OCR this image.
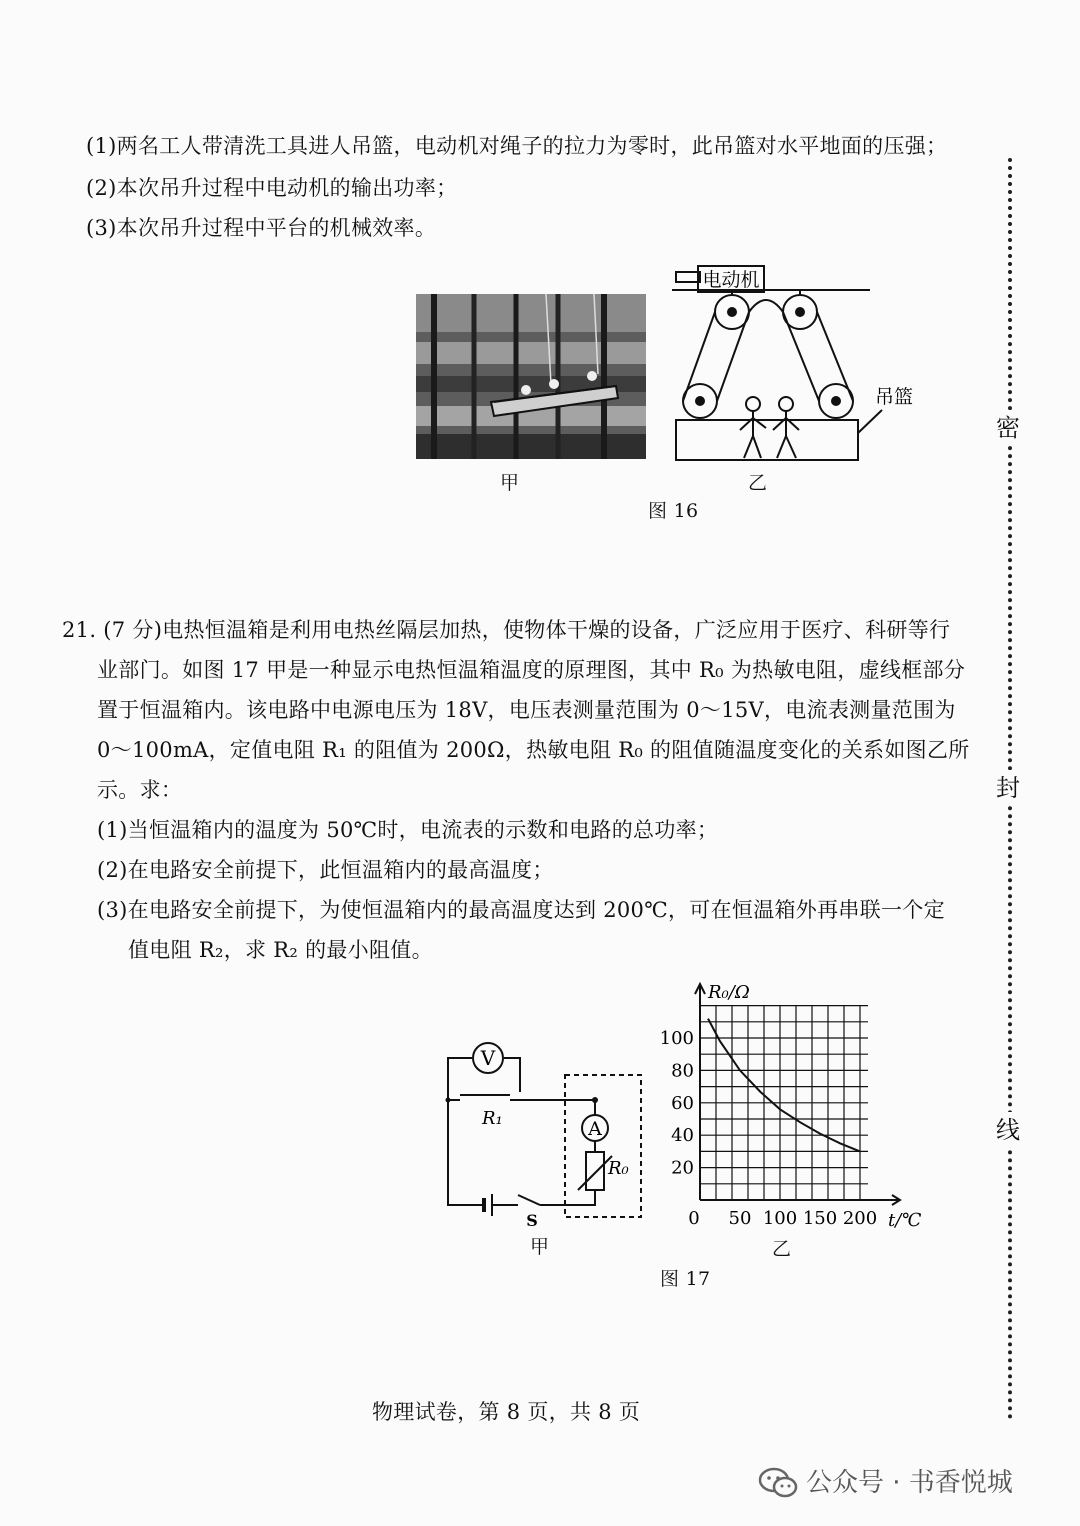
(1)两名工人带清洗工具进人吊篮，电动机对绳子的拉力为零时，此吊篮对水平地面的压强；
(2)本次吊升过程中电动机的输出功率；
(3)本次吊升过程中平台的机械效率。
电动机
吊篮
甲	乙
图 16
21. (7 分)电热恒温箱是利用电热丝隔层加热，使物体干燥的设备，广泛应用于医疗、科研等行
业部门。如图 17 甲是一种显示电热恒温箱温度的原理图，其中 R₀ 为热敏电阻，虚线框部分
置于恒温箱内。该电路中电源电压为 18V，电压表测量范围为 0～15V，电流表测量范围为
0～100mA，定值电阻 R₁ 的阻值为 200Ω，热敏电阻 R₀ 的阻值随温度变化的关系如图乙所
示。求：
(1)当恒温箱内的温度为 50℃时，电流表的示数和电路的总功率；
(2)在电路安全前提下，此恒温箱内的最高温度；
(3)在电路安全前提下，为使恒温箱内的最高温度达到 200℃，可在恒温箱外再串联一个定
值电阻 R₂，求 R₂ 的最小阻值。
V
A
R₁
R₀
S
20
40
60
80
100
0 50 100 150 200
R₀/Ω
t/℃
甲	乙
图 17
密
封
线
物理试卷，第 8 页，共 8 页
公众号 · 书香悦城
